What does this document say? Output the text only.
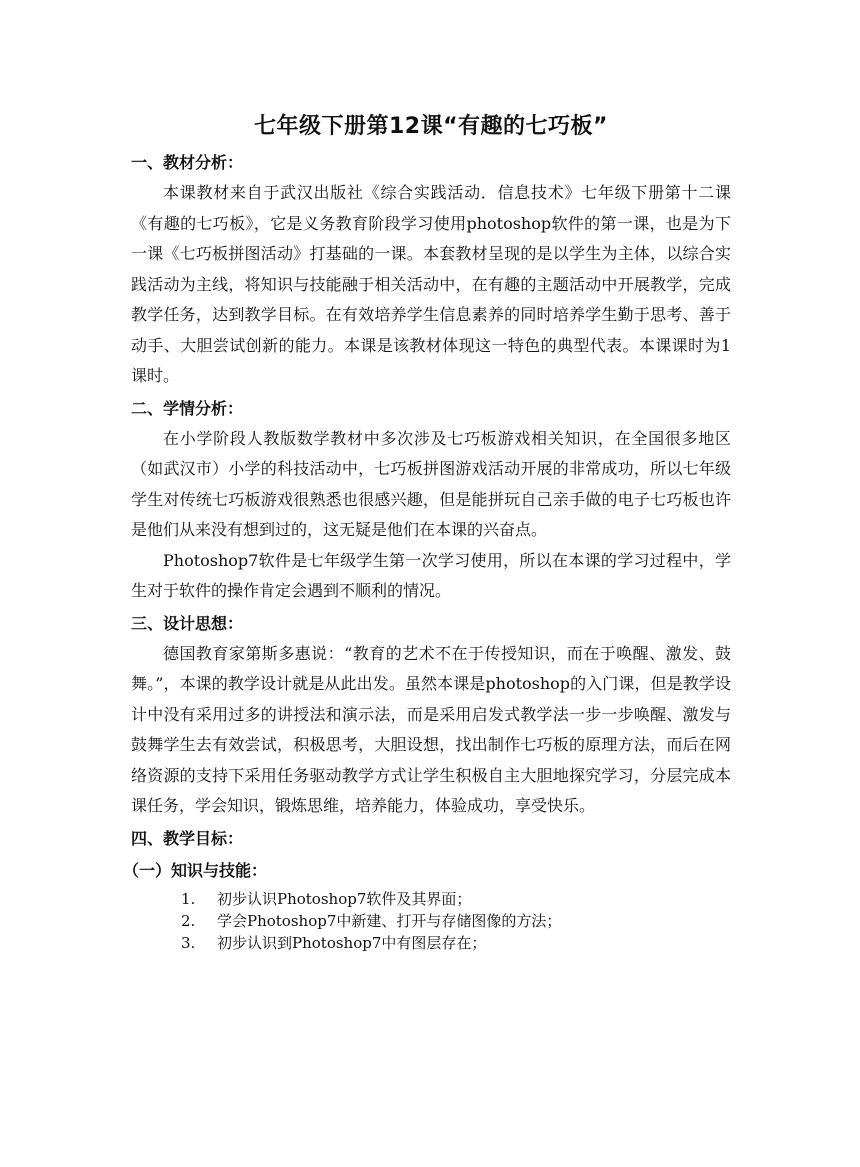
七年级下册第12课“有趣的七巧板”
一、教材分析：

本课教材来自于武汉出版社《综合实践活动．信息技术》七年级下册第十二课《有趣的七巧板》，它是义务教育阶段学习使用photoshop软件的第一课，也是为下一课《七巧板拼图活动》打基础的一课。本套教材呈现的是以学生为主体，以综合实践活动为主线，将知识与技能融于相关活动中，在有趣的主题活动中开展教学，完成教学任务，达到教学目标。在有效培养学生信息素养的同时培养学生勤于思考、善于动手、大胆尝试创新的能力。本课是该教材体现这一特色的典型代表。本课课时为1课时。

二、学情分析：

在小学阶段人教版数学教材中多次涉及七巧板游戏相关知识，在全国很多地区（如武汉市）小学的科技活动中，七巧板拼图游戏活动开展的非常成功，所以七年级学生对传统七巧板游戏很熟悉也很感兴趣，但是能拼玩自己亲手做的电子七巧板也许是他们从来没有想到过的，这无疑是他们在本课的兴奋点。

Photoshop7软件是七年级学生第一次学习使用，所以在本课的学习过程中，学生对于软件的操作肯定会遇到不顺利的情况。

三、设计思想：

德国教育家第斯多惠说：“教育的艺术不在于传授知识，而在于唤醒、激发、鼓舞。”，本课的教学设计就是从此出发。虽然本课是photoshop的入门课，但是教学设计中没有采用过多的讲授法和演示法，而是采用启发式教学法一步一步唤醒、激发与鼓舞学生去有效尝试，积极思考，大胆设想，找出制作七巧板的原理方法，而后在网络资源的支持下采用任务驱动教学方式让学生积极自主大胆地探究学习，分层完成本课任务，学会知识，锻炼思维，培养能力，体验成功，享受快乐。

四、教学目标：
（一）知识与技能：
1. 初步认识Photoshop7软件及其界面；
2. 学会Photoshop7中新建、打开与存储图像的方法；
3. 初步认识到Photoshop7中有图层存在；
